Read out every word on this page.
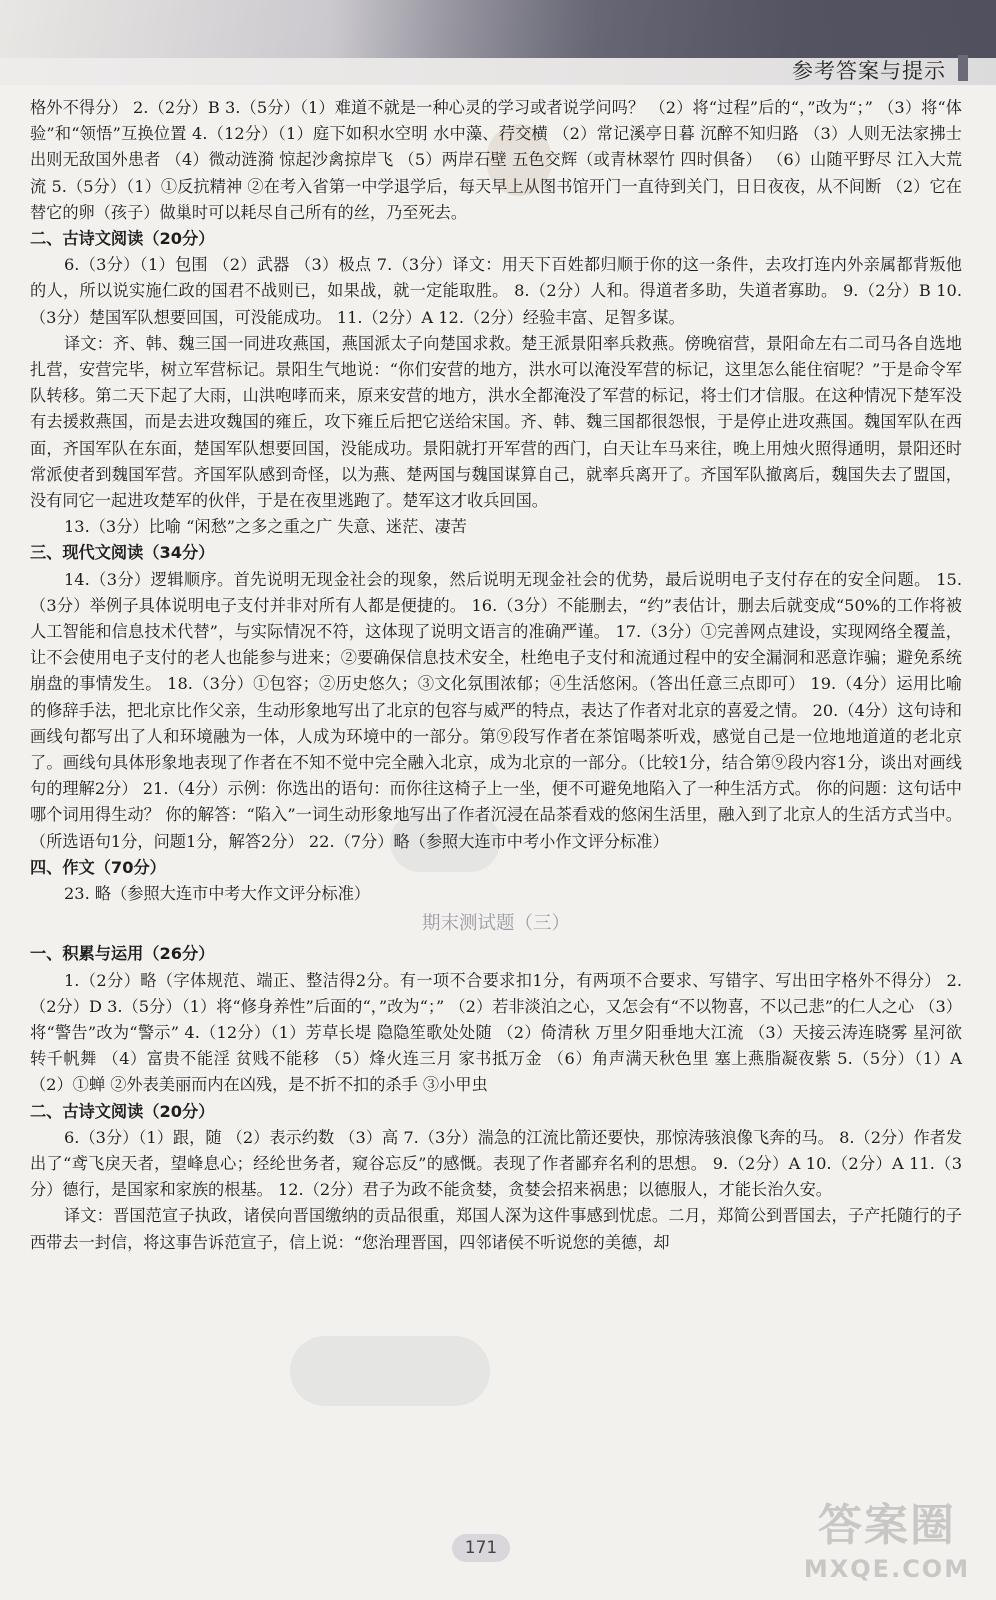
参考答案与提示

格外不得分） 2.（2分）B 3.（5分）（1）难道不就是一种心灵的学习或者说学问吗？ （2）将“过程”后的“，”改为“；” （3）将“体验”和“领悟”互换位置 4.（12分）（1）庭下如积水空明 水中藻、荇交横 （2）常记溪亭日暮 沉醉不知归路 （3）人则无法家拂士 出则无敌国外患者 （4）微动涟漪 惊起沙禽掠岸飞 （5）两岸石壁 五色交辉（或青林翠竹 四时俱备） （6）山随平野尽 江入大荒流 5.（5分）（1）①反抗精神 ②在考入省第一中学退学后，每天早上从图书馆开门一直待到关门，日日夜夜，从不间断 （2）它在替它的卵（孩子）做巢时可以耗尽自己所有的丝，乃至死去。

二、古诗文阅读（20分）

6.（3分）（1）包围 （2）武器 （3）极点 7.（3分）译文：用天下百姓都归顺于你的这一条件，去攻打连内外亲属都背叛他的人，所以说实施仁政的国君不战则已，如果战，就一定能取胜。 8.（2分）人和。得道者多助，失道者寡助。 9.（2分）B 10.（3分）楚国军队想要回国，可没能成功。 11.（2分）A 12.（2分）经验丰富、足智多谋。

译文：齐、韩、魏三国一同进攻燕国，燕国派太子向楚国求救。楚王派景阳率兵救燕。傍晚宿营，景阳命左右二司马各自选地扎营，安营完毕，树立军营标记。景阳生气地说：“你们安营的地方，洪水可以淹没军营的标记，这里怎么能住宿呢？”于是命令军队转移。第二天下起了大雨，山洪咆哮而来，原来安营的地方，洪水全都淹没了军营的标记，将士们才信服。在这种情况下楚军没有去援救燕国，而是去进攻魏国的雍丘，攻下雍丘后把它送给宋国。齐、韩、魏三国都很怨恨，于是停止进攻燕国。魏国军队在西面，齐国军队在东面，楚国军队想要回国，没能成功。景阳就打开军营的西门，白天让车马来往，晚上用烛火照得通明，景阳还时常派使者到魏国军营。齐国军队感到奇怪，以为燕、楚两国与魏国谋算自己，就率兵离开了。齐国军队撤离后，魏国失去了盟国，没有同它一起进攻楚军的伙伴，于是在夜里逃跑了。楚军这才收兵回国。

13.（3分）比喻 “闲愁”之多之重之广 失意、迷茫、凄苦

三、现代文阅读（34分）

14.（3分）逻辑顺序。首先说明无现金社会的现象，然后说明无现金社会的优势，最后说明电子支付存在的安全问题。 15.（3分）举例子具体说明电子支付并非对所有人都是便捷的。 16.（3分）不能删去，“约”表估计，删去后就变成“50%的工作将被人工智能和信息技术代替”，与实际情况不符，这体现了说明文语言的准确严谨。 17.（3分）①完善网点建设，实现网络全覆盖，让不会使用电子支付的老人也能参与进来；②要确保信息技术安全，杜绝电子支付和流通过程中的安全漏洞和恶意诈骗；避免系统崩盘的事情发生。 18.（3分）①包容；②历史悠久；③文化氛围浓郁；④生活悠闲。（答出任意三点即可） 19.（4分）运用比喻的修辞手法，把北京比作父亲，生动形象地写出了北京的包容与威严的特点，表达了作者对北京的喜爱之情。 20.（4分）这句诗和画线句都写出了人和环境融为一体，人成为环境中的一部分。第⑨段写作者在茶馆喝茶听戏，感觉自己是一位地地道道的老北京了。画线句具体形象地表现了作者在不知不觉中完全融入北京，成为北京的一部分。（比较1分，结合第⑨段内容1分，谈出对画线句的理解2分） 21.（4分）示例：你选出的语句：而你往这椅子上一坐，便不可避免地陷入了一种生活方式。 你的问题：这句话中哪个词用得生动？ 你的解答：“陷入”一词生动形象地写出了作者沉浸在品茶看戏的悠闲生活里，融入到了北京人的生活方式当中。（所选语句1分，问题1分，解答2分） 22.（7分）略（参照大连市中考小作文评分标准）

四、作文（70分）

23. 略（参照大连市中考大作文评分标准）

期末测试题（三）
一、积累与运用（26分）

1.（2分）略（字体规范、端正、整洁得2分。有一项不合要求扣1分，有两项不合要求、写错字、写出田字格外不得分） 2.（2分）D 3.（5分）（1）将“修身养性”后面的“，”改为“；” （2）若非淡泊之心，又怎会有“不以物喜，不以己悲”的仁人之心 （3）将“警告”改为“警示” 4.（12分）（1）芳草长堤 隐隐笙歌处处随 （2）倚清秋 万里夕阳垂地大江流 （3）天接云涛连晓雾 星河欲转千帆舞 （4）富贵不能淫 贫贱不能移 （5）烽火连三月 家书抵万金 （6）角声满天秋色里 塞上燕脂凝夜紫 5.（5分）（1）A （2）①蝉 ②外表美丽而内在凶残，是不折不扣的杀手 ③小甲虫

二、古诗文阅读（20分）

6.（3分）（1）跟，随 （2）表示约数 （3）高 7.（3分）湍急的江流比箭还要快，那惊涛骇浪像飞奔的马。 8.（2分）作者发出了“鸢飞戾天者，望峰息心；经纶世务者，窥谷忘反”的感慨。表现了作者鄙弃名利的思想。 9.（2分）A 10.（2分）A 11.（3分）德行，是国家和家族的根基。 12.（2分）君子为政不能贪婪，贪婪会招来祸患；以德服人，才能长治久安。

译文：晋国范宣子执政，诸侯向晋国缴纳的贡品很重，郑国人深为这件事感到忧虑。二月，郑简公到晋国去，子产托随行的子西带去一封信，将这事告诉范宣子，信上说：“您治理晋国，四邻诸侯不听说您的美德，却

171	答案圈
MXQE.COM
